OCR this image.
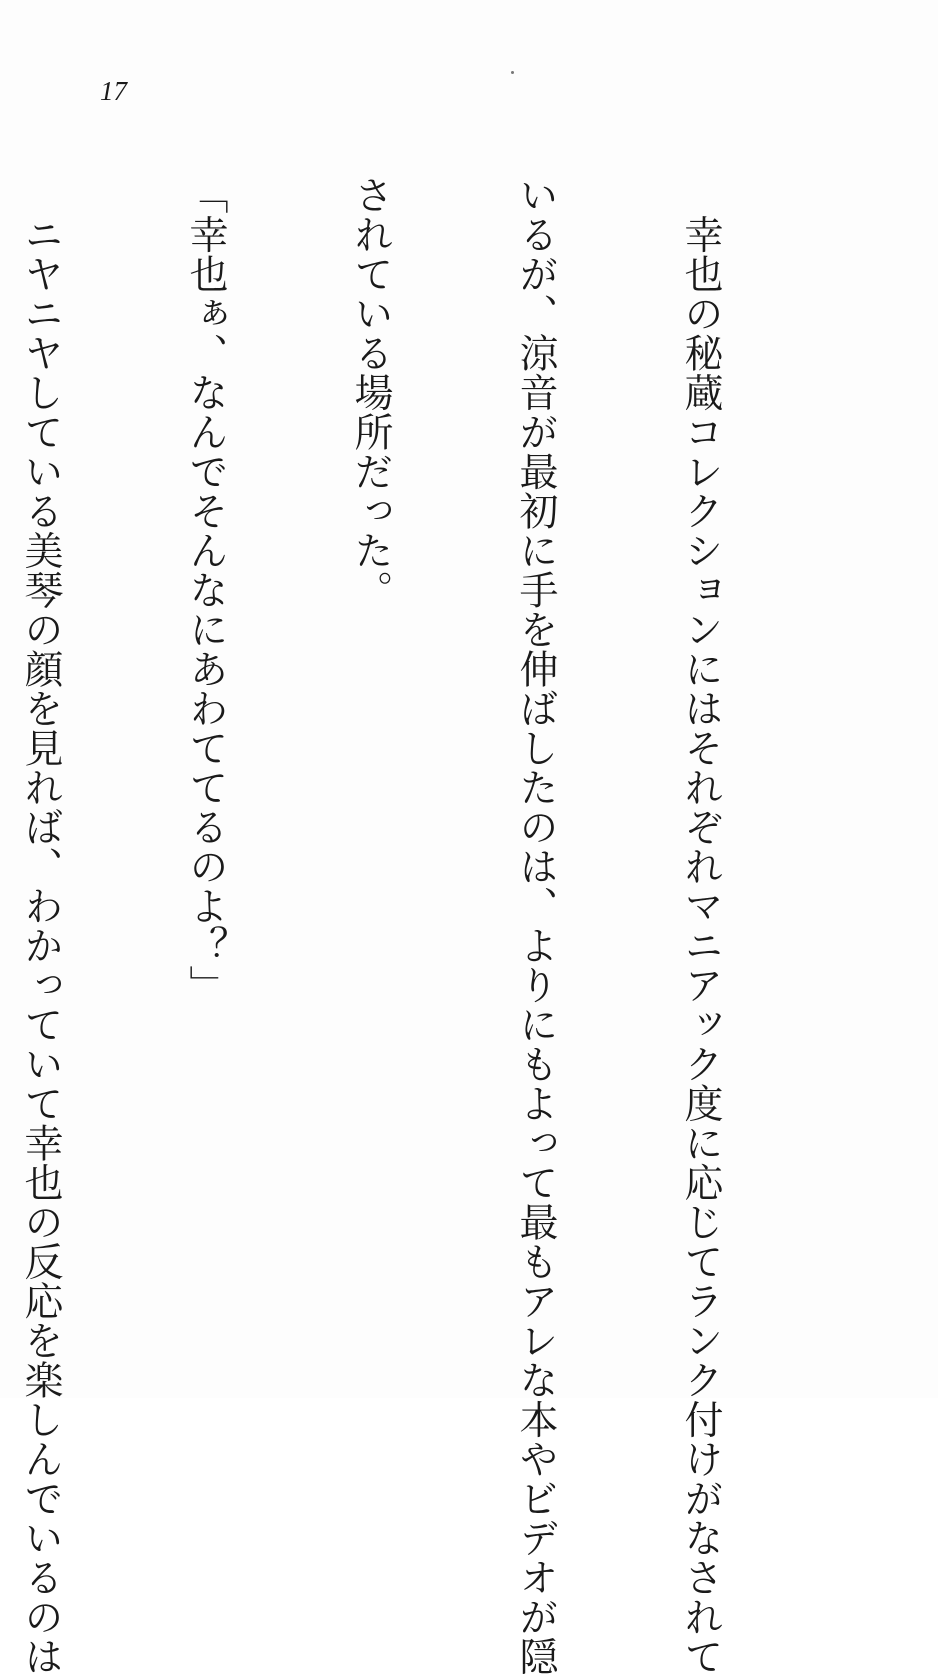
17

　幸也の秘蔵コレクションにはそれぞれマニアック度に応じてランク付けがなされて

いるが、涼音が最初に手を伸ばしたのは、よりにもよって最もアレな本やビデオが隠

されている場所だった。

「幸也ぁ、なんでそんなにあわててるのよ？」

　ニヤニヤしている美琴の顔を見れば、わかっていて幸也の反応を楽しんでいるのは
